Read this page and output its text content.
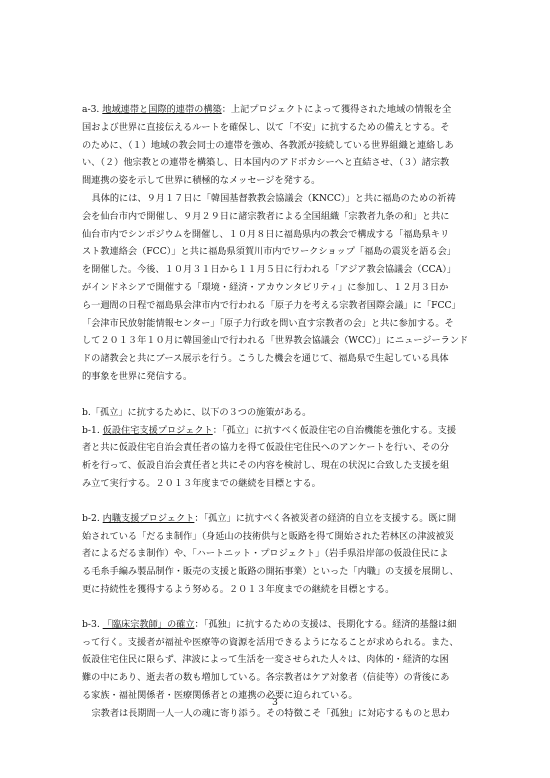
a-3. 地域連帯と国際的連帯の構築：上記プロジェクトによって獲得された地域の情報を全
国および世界に直接伝えるルートを確保し、以て「不安」に抗するための備えとする。そ
のために、（１）地域の教会同士の連帯を強め、各教派が接続している世界組織と連絡しあ
い、（２）他宗教との連帯を構築し、日本国内のアドボカシーへと直結させ、（３）諸宗教
間連携の姿を示して世界に積極的なメッセージを発する。
具体的には、９月１７日に「韓国基督教教会協議会（KNCC）」と共に福島のための祈祷
会を仙台市内で開催し、９月２９日に諸宗教者による全国組織「宗教者九条の和」と共に
仙台市内でシンポジウムを開催し、１０月８日に福島県内の教会で構成する「福島県キリ
スト教連絡会（FCC）」と共に福島県須賀川市内でワークショップ「福島の震災を語る会」
を開催した。今後、１０月３１日から１１月５日に行われる「アジア教会協議会（CCA）」
がインドネシアで開催する「環境・経済・アカウンタビリティ」に参加し、１２月３日か
ら一週間の日程で福島県会津市内で行われる「原子力を考える宗教者国際会議」に「FCC」
「会津市民放射能情報センター」「原子力行政を問い直す宗教者の会」と共に参加する。そ
して２０１３年１０月に韓国釜山で行われる「世界教会協議会（WCC）」にニュージーランド
ドの諸教会と共にブース展示を行う。こうした機会を通じて、福島県で生起している具体
的事象を世界に発信する。
b.「孤立」に抗するために、以下の３つの施策がある。
b-1. 仮設住宅支援プロジェクト：「孤立」に抗すべく仮設住宅の自治機能を強化する。支援
者と共に仮設住宅自治会責任者の協力を得て仮設住宅住民へのアンケートを行い、その分
析を行って、仮設自治会責任者と共にその内容を検討し、現在の状況に合致した支援を組
み立て実行する。２０１３年度までの継続を目標とする。
b-2. 内職支援プロジェクト：「孤立」に抗すべく各被災者の経済的自立を支援する。既に開
始されている「だるま制作」（身延山の技術供与と販路を得て開始された若林区の津波被災
者によるだるま制作）や、「ハートニット・プロジェクト」（岩手県沿岸部の仮設住民によ
る毛糸手編み製品制作・販売の支援と販路の開拓事業）といった「内職」の支援を展開し、
更に持続性を獲得するよう努める。２０１３年度までの継続を目標とする。
b-3. 「臨床宗教師」の確立：「孤独」に抗するための支援は、長期化する。経済的基盤は細
って行く。支援者が福祉や医療等の資源を活用できるようになることが求められる。また、
仮設住宅住民に限らず、津波によって生活を一変させられた人々は、肉体的・経済的な困
難の中にあり、逝去者の数も増加している。各宗教者はケア対象者（信徒等）の背後にあ
る家族・福祉関係者・医療関係者との連携の必要に迫られている。
宗教者は長期間一人一人の魂に寄り添う。その特徴こそ「孤独」に対応するものと思わ
3
